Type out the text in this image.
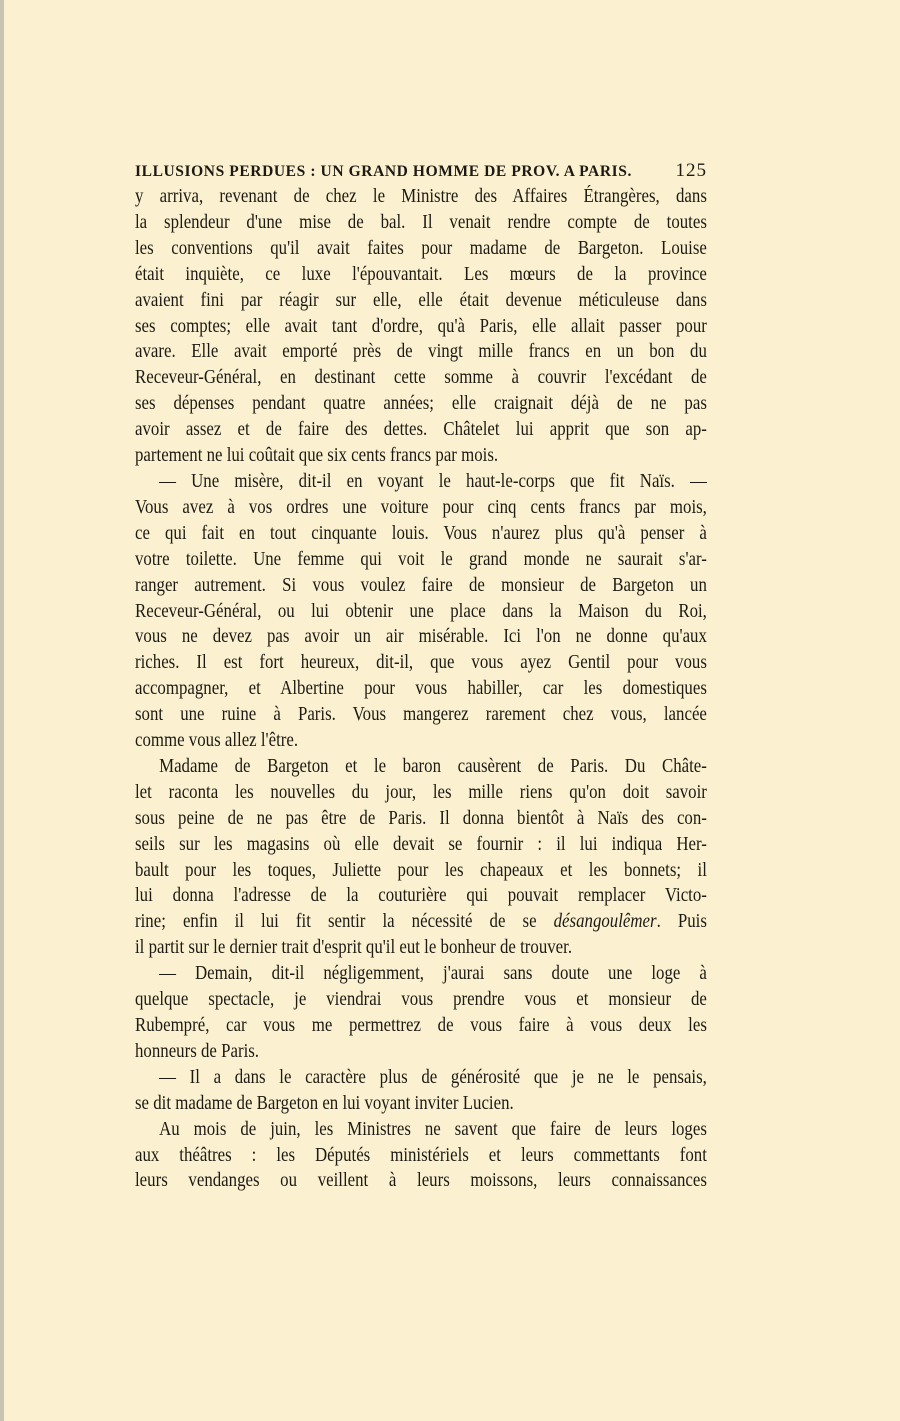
ILLUSIONS PERDUES : UN GRAND HOMME DE PROV. A PARIS. 125
y arriva, revenant de chez le Ministre des Affaires Étrangères, dans
la splendeur d'une mise de bal. Il venait rendre compte de toutes
les conventions qu'il avait faites pour madame de Bargeton. Louise
était inquiète, ce luxe l'épouvantait. Les mœurs de la province
avaient fini par réagir sur elle, elle était devenue méticuleuse dans
ses comptes; elle avait tant d'ordre, qu'à Paris, elle allait passer pour
avare. Elle avait emporté près de vingt mille francs en un bon du
Receveur-Général, en destinant cette somme à couvrir l'excédant de
ses dépenses pendant quatre années; elle craignait déjà de ne pas
avoir assez et de faire des dettes. Châtelet lui apprit que son ap-
partement ne lui coûtait que six cents francs par mois.
— Une misère, dit-il en voyant le haut-le-corps que fit Naïs. —
Vous avez à vos ordres une voiture pour cinq cents francs par mois,
ce qui fait en tout cinquante louis. Vous n'aurez plus qu'à penser à
votre toilette. Une femme qui voit le grand monde ne saurait s'ar-
ranger autrement. Si vous voulez faire de monsieur de Bargeton un
Receveur-Général, ou lui obtenir une place dans la Maison du Roi,
vous ne devez pas avoir un air misérable. Ici l'on ne donne qu'aux
riches. Il est fort heureux, dit-il, que vous ayez Gentil pour vous
accompagner, et Albertine pour vous habiller, car les domestiques
sont une ruine à Paris. Vous mangerez rarement chez vous, lancée
comme vous allez l'être.
Madame de Bargeton et le baron causèrent de Paris. Du Châte-
let raconta les nouvelles du jour, les mille riens qu'on doit savoir
sous peine de ne pas être de Paris. Il donna bientôt à Naïs des con-
seils sur les magasins où elle devait se fournir : il lui indiqua Her-
bault pour les toques, Juliette pour les chapeaux et les bonnets; il
lui donna l'adresse de la couturière qui pouvait remplacer Victo-
rine; enfin il lui fit sentir la nécessité de se désangoulêmer. Puis
il partit sur le dernier trait d'esprit qu'il eut le bonheur de trouver.
— Demain, dit-il négligemment, j'aurai sans doute une loge à
quelque spectacle, je viendrai vous prendre vous et monsieur de
Rubempré, car vous me permettrez de vous faire à vous deux les
honneurs de Paris.
— Il a dans le caractère plus de générosité que je ne le pensais,
se dit madame de Bargeton en lui voyant inviter Lucien.
Au mois de juin, les Ministres ne savent que faire de leurs loges
aux théâtres : les Députés ministériels et leurs commettants font
leurs vendanges ou veillent à leurs moissons, leurs connaissances
